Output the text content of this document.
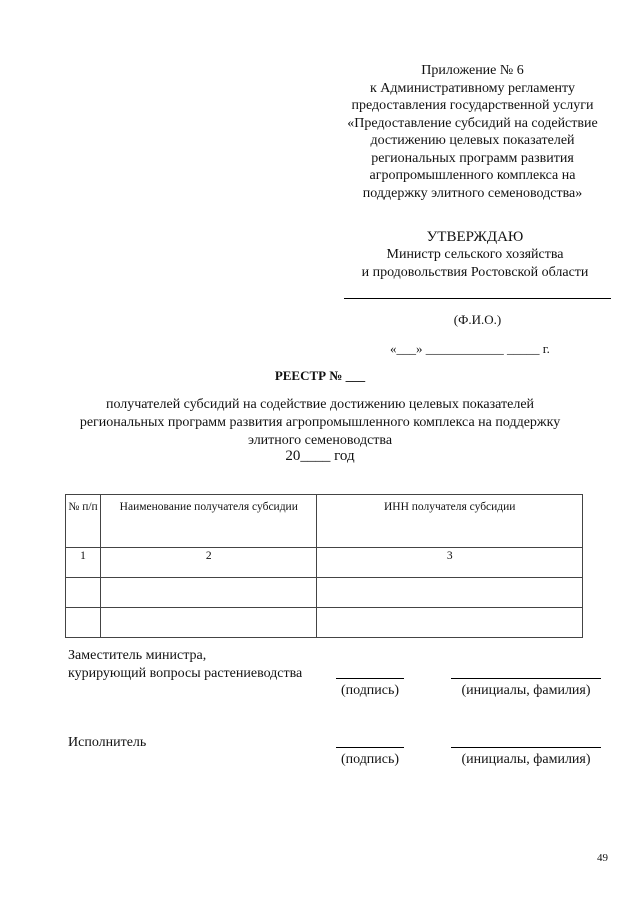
Приложение № 6
к Административному регламенту
предоставления государственной услуги
«Предоставление субсидий на содействие
достижению целевых показателей
региональных программ развития
агропромышленного комплекса на
поддержку элитного семеноводства»
УТВЕРЖДАЮ
Министр сельского хозяйства
и продовольствия Ростовской области
(Ф.И.О.)
«___» ____________ _____ г.
РЕЕСТР № ___
получателей субсидий на содействие достижению целевых показателей
региональных программ развития агропромышленного комплекса на поддержку
элитного семеноводства
20____ год
№ п/п	Наименование получателя субсидии	ИНН получателя субсидии
1	2	3

Заместитель министра,
курирующий вопросы растениеводства
(подпись)	(инициалы, фамилия)
Исполнитель
(подпись)	(инициалы, фамилия)
49
